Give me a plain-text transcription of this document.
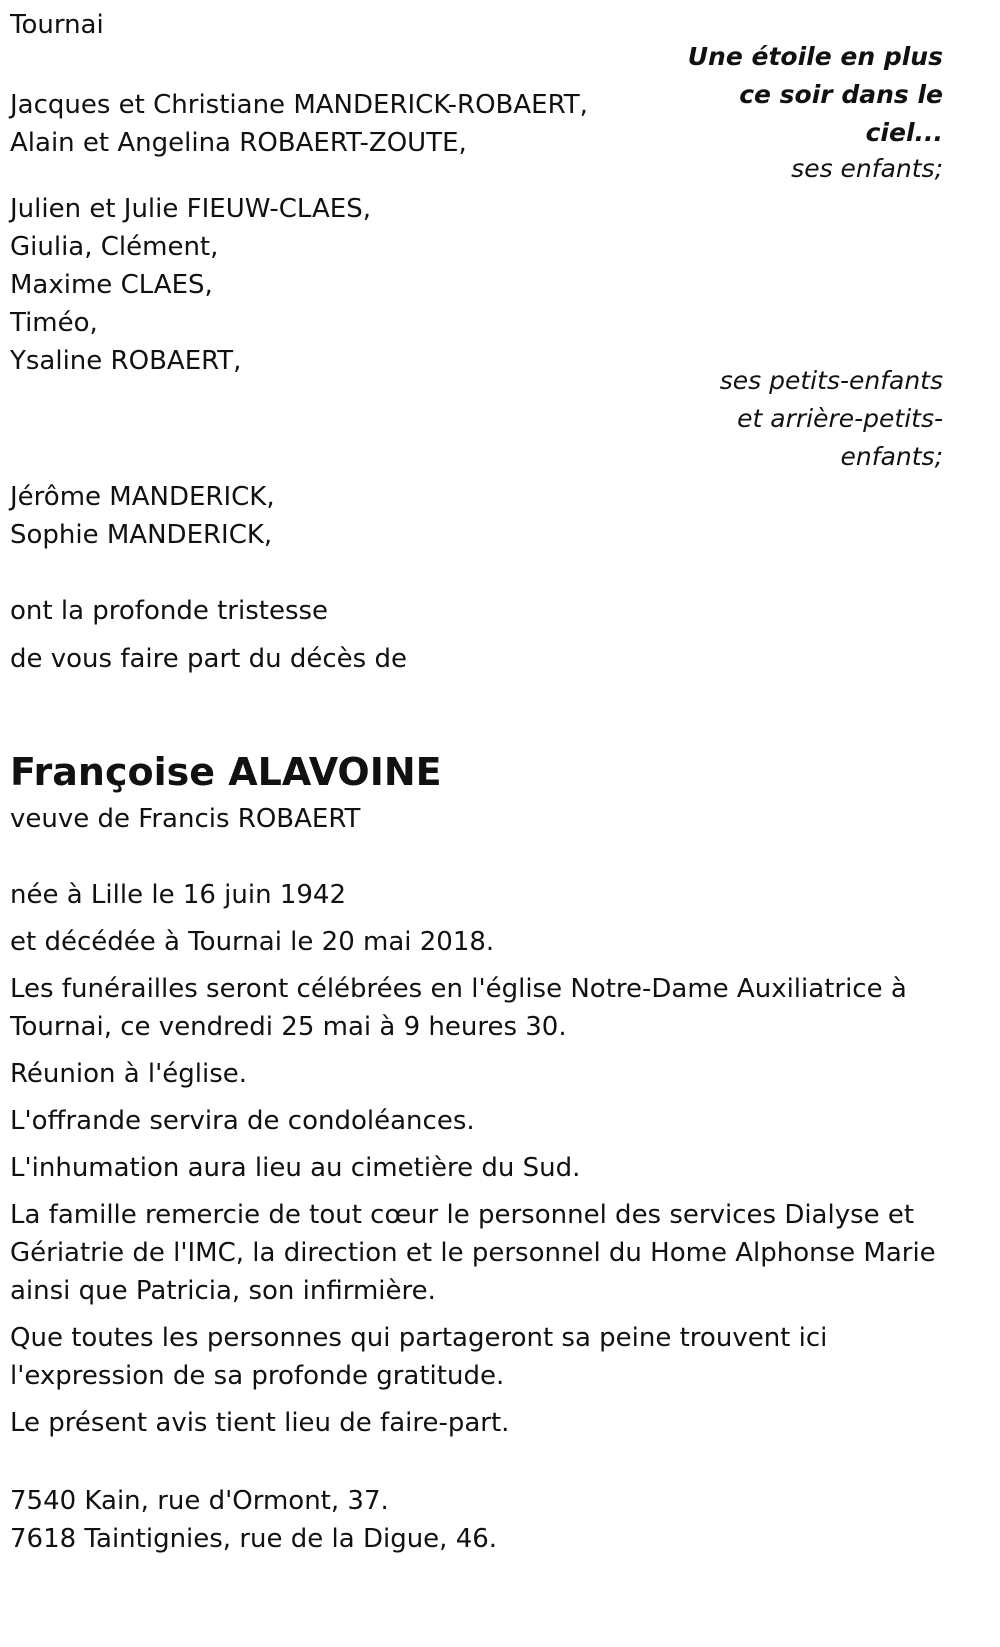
Tournai
Une étoile en plus ce soir dans le ciel...
Jacques et Christiane MANDERICK-ROBAERT,
Alain et Angelina ROBAERT-ZOUTE,
ses enfants;
Julien et Julie FIEUW-CLAES,
Giulia, Clément,
Maxime CLAES,
Timéo,
Ysaline ROBAERT,
ses petits-enfants et arrière-petits-enfants;
Jérôme MANDERICK,
Sophie MANDERICK,
ont la profonde tristesse
de vous faire part du décès de
Françoise ALAVOINE
veuve de Francis ROBAERT
née à Lille le 16 juin 1942
et décédée à Tournai le 20 mai 2018.
Les funérailles seront célébrées en l'église Notre-Dame Auxiliatrice à Tournai, ce vendredi 25 mai à 9 heures 30.
Réunion à l'église.
L'offrande servira de condoléances.
L'inhumation aura lieu au cimetière du Sud.
La famille remercie de tout cœur le personnel des services Dialyse et Gériatrie de l'IMC, la direction et le personnel du Home Alphonse Marie ainsi que Patricia, son infirmière.
Que toutes les personnes qui partageront sa peine trouvent ici l'expression de sa profonde gratitude.
Le présent avis tient lieu de faire-part.
7540 Kain, rue d'Ormont, 37.
7618 Taintignies, rue de la Digue, 46.
